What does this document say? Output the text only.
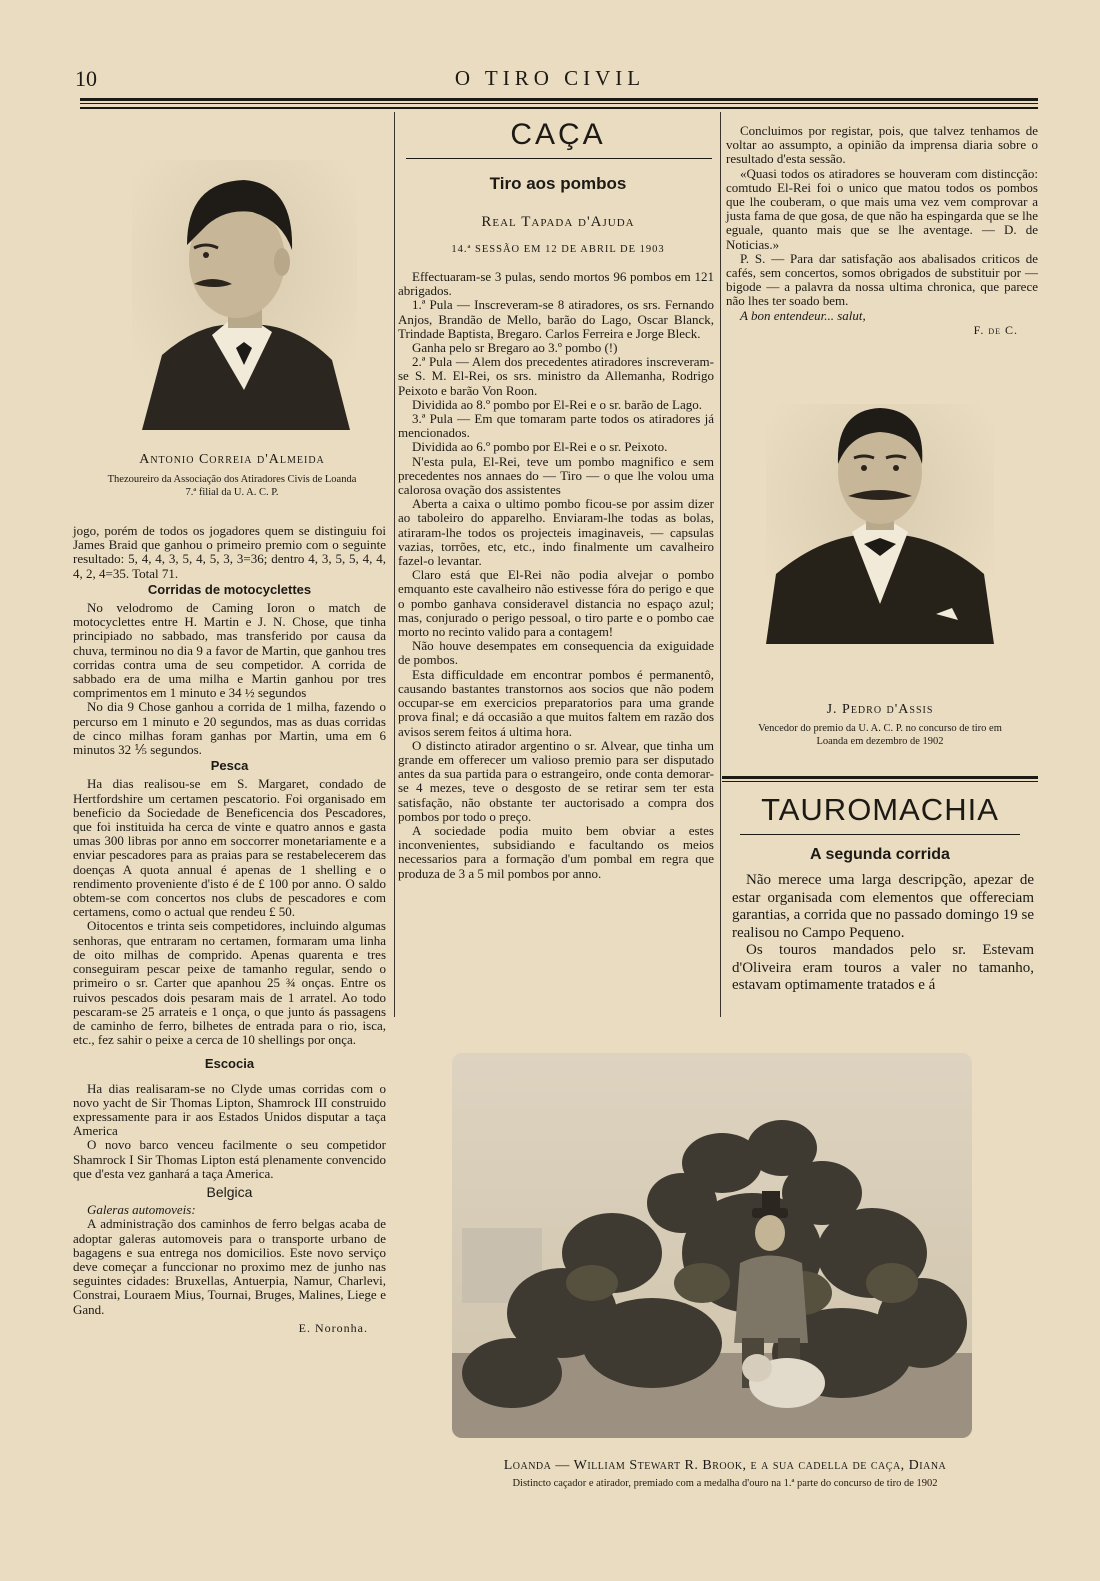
10	O TIRO CIVIL
Antonio Correia d'Almeida
Thezoureiro da Associação dos Atiradores Civis de Loanda
7.ª filial da U. A. C. P.

jogo, porém de todos os jogadores quem se distinguiu foi James Braid que ganhou o primeiro premio com o seguinte resultado: 5, 4, 4, 3, 5, 4, 5, 3, 3=36; dentro 4, 3, 5, 5, 4, 4, 4, 2, 4=35. Total 71.

Corridas de motocyclettes

No velodromo de Caming Ioron o match de motocyclettes entre H. Martin e J. N. Chose, que tinha principiado no sabbado, mas transferido por causa da chuva, terminou no dia 9 a favor de Martin, que ganhou tres corridas contra uma de seu competidor. A corrida de sabbado era de uma milha e Martin ganhou por tres comprimentos em 1 minuto e 34 ½ segundos

No dia 9 Chose ganhou a corrida de 1 milha, fazendo o percurso em 1 minuto e 20 segundos, mas as duas corridas de cinco milhas foram ganhas por Martin, uma em 6 minutos 32 ⅕ segundos.

Pesca

Ha dias realisou-se em S. Margaret, condado de Hertfordshire um certamen pescatorio. Foi organisado em beneficio da Sociedade de Beneficencia dos Pescadores, que foi instituida ha cerca de vinte e quatro annos e gasta umas 300 libras por anno em soccorrer monetariamente e a enviar pescadores para as praias para se restabelecerem das doenças A quota annual é apenas de 1 shelling e o rendimento proveniente d'isto é de £ 100 por anno. O saldo obtem-se com concertos nos clubs de pescadores e com certamens, como o actual que rendeu £ 50.

Oitocentos e trinta seis competidores, incluindo algumas senhoras, que entraram no certamen, formaram uma linha de oito milhas de comprido. Apenas quarenta e tres conseguiram pescar peixe de tamanho regular, sendo o primeiro o sr. Carter que apanhou 25 ¾ onças. Entre os ruivos pescados dois pesaram mais de 1 arratel. Ao todo pescaram-se 25 arrateis e 1 onça, o que junto ás passagens de caminho de ferro, bilhetes de entrada para o rio, isca, etc., fez sahir o peixe a cerca de 10 shellings por onça.

Escocia

Ha dias realisaram-se no Clyde umas corridas com o novo yacht de Sir Thomas Lipton, Shamrock III construido expressamente para ir aos Estados Unidos disputar a taça America

O novo barco venceu facilmente o seu competidor Shamrock I Sir Thomas Lipton está plenamente convencido que d'esta vez ganhará a taça America.

Belgica

Galeras automoveis:

A administração dos caminhos de ferro belgas acaba de adoptar galeras automoveis para o transporte urbano de bagagens e sua entrega nos domicilios. Este novo serviço deve começar a funccionar no proximo mez de junho nas seguintes cidades: Bruxellas, Antuerpia, Namur, Charlevi, Constrai, Louraem Mius, Tournai, Bruges, Malines, Liege e Gand.

E. Noronha.
CAÇA
Tiro aos pombos
Real Tapada d'Ajuda
14.ª SESSÃO EM 12 DE ABRIL DE 1903

Effectuaram-se 3 pulas, sendo mortos 96 pombos em 121 abrigados.

1.ª Pula — Inscreveram-se 8 atiradores, os srs. Fernando Anjos, Brandão de Mello, barão do Lago, Oscar Blanck, Trindade Baptista, Bregaro. Carlos Ferreira e Jorge Bleck.

Ganha pelo sr Bregaro ao 3.º pombo (!)

2.ª Pula — Alem dos precedentes atiradores inscreveram-se S. M. El-Rei, os srs. ministro da Allemanha, Rodrigo Peixoto e barão Von Roon.

Dividida ao 8.º pombo por El-Rei e o sr. barão de Lago.

3.ª Pula — Em que tomaram parte todos os atiradores já mencionados.

Dividida ao 6.º pombo por El-Rei e o sr. Peixoto.

N'esta pula, El-Rei, teve um pombo magnifico e sem precedentes nos annaes do — Tiro — o que lhe volou uma calorosa ovação dos assistentes

Aberta a caixa o ultimo pombo ficou-se por assim dizer ao taboleiro do apparelho. Enviaram-lhe todas as bolas, atiraram-lhe todos os projecteis imaginaveis, — capsulas vazias, torrões, etc, etc., indo finalmente um cavalheiro fazel-o levantar.

Claro está que El-Rei não podia alvejar o pombo emquanto este cavalheiro não estivesse fóra do perigo e que o pombo ganhava consideravel distancia no espaço azul; mas, conjurado o perigo pessoal, o tiro parte e o pombo cae morto no recinto valido para a contagem!

Não houve desempates em consequencia da exiguidade de pombos.

Esta difficuldade em encontrar pombos é permanentô, causando bastantes transtornos aos socios que não podem occupar-se em exercicios preparatorios para uma grande prova final; e dá occasião a que muitos faltem em razão dos avisos serem feitos á ultima hora.

O distincto atirador argentino o sr. Alvear, que tinha um grande em offerecer um valioso premio para ser disputado antes da sua partida para o estrangeiro, onde conta demorar-se 4 mezes, teve o desgosto de se retirar sem ter esta satisfação, não obstante ter auctorisado a compra dos pombos por todo o preço.

A sociedade podia muito bem obviar a estes inconvenientes, subsidiando e facultando os meios necessarios para a formação d'um pombal em regra que produza de 3 a 5 mil pombos por anno.

Concluimos por registar, pois, que talvez tenhamos de voltar ao assumpto, a opinião da imprensa diaria sobre o resultado d'esta sessão.

«Quasi todos os atiradores se houveram com distincção: comtudo El-Rei foi o unico que matou todos os pombos que lhe couberam, o que mais uma vez vem comprovar a justa fama de que gosa, de que não ha espingarda que se lhe eguale, quanto mais que se lhe aventage. — D. de Noticias.»

P. S. — Para dar satisfação aos abalisados criticos de cafés, sem concertos, somos obrigados de substituir por — bigode — a palavra da nossa ultima chronica, que parece não lhes ter soado bem.

A bon entendeur... salut,

F. de C.
J. Pedro d'Assis
Vencedor do premio da U. A. C. P. no concurso de tiro em
Loanda em dezembro de 1902
TAUROMACHIA
A segunda corrida

Não merece uma larga descripção, apezar de estar organisada com elementos que offereciam garantias, a corrida que no passado domingo 19 se realisou no Campo Pequeno.

Os touros mandados pelo sr. Estevam d'Oliveira eram touros a valer no tamanho, estavam optimamente tratados e á

Loanda — William Stewart R. Brook, e a sua cadella de caça, Diana
Distincto caçador e atirador, premiado com a medalha d'ouro na 1.ª parte do concurso de tiro de 1902
